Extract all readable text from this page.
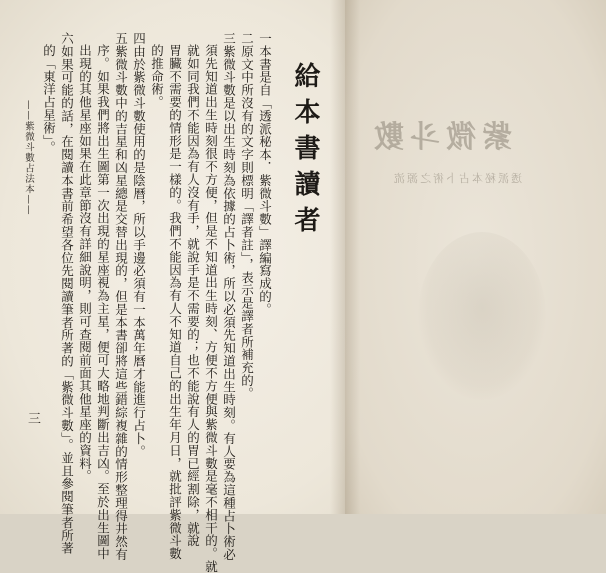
給本書讀者
一本書是自「透派秘本．紫微斗數」譯編寫成的。
二原文中所沒有的文字則標明「譯者註」，表示是譯者所補充的。
三紫微斗數是以出生時刻為依據的占卜術，所以必須先知道出生時刻。有人要為這種占卜術必
須先知道出生時刻很不方便，但是不知道出生時刻、方便不方便與紫微斗數是毫不相干的。就
就如同我們不能因為有人沒有手，就說手是不需要的；也不能說有人的胃已經割除，就說
胃臟不需要的情形是一樣的。我們不能因為有人不知道自己的出生年月日，就批評紫微斗數
的推命術。
四由於紫微斗數使用的是陰曆，所以手邊必須有一本萬年曆才能進行占卜。
五紫微斗數中的吉星和凶星總是交替出現的，但是本書卻將這些錯綜複雜的情形整理得井然有
序。如果我們將出生圖第一次出現的星座視為主星，便可大略地判斷出吉凶。至於出生圖中
出現的其他星座如果在此章節沒有詳細說明，則可查閱前面其他星座的資料。
六如果可能的話，在閱讀本書前希望各位先閱讀筆者所著的「紫微斗數」。並且參閱筆者所著
的「東洋占星術」。
——紫微斗數占法本——
三
紫微斗數
透派秘本占卜術之源流
